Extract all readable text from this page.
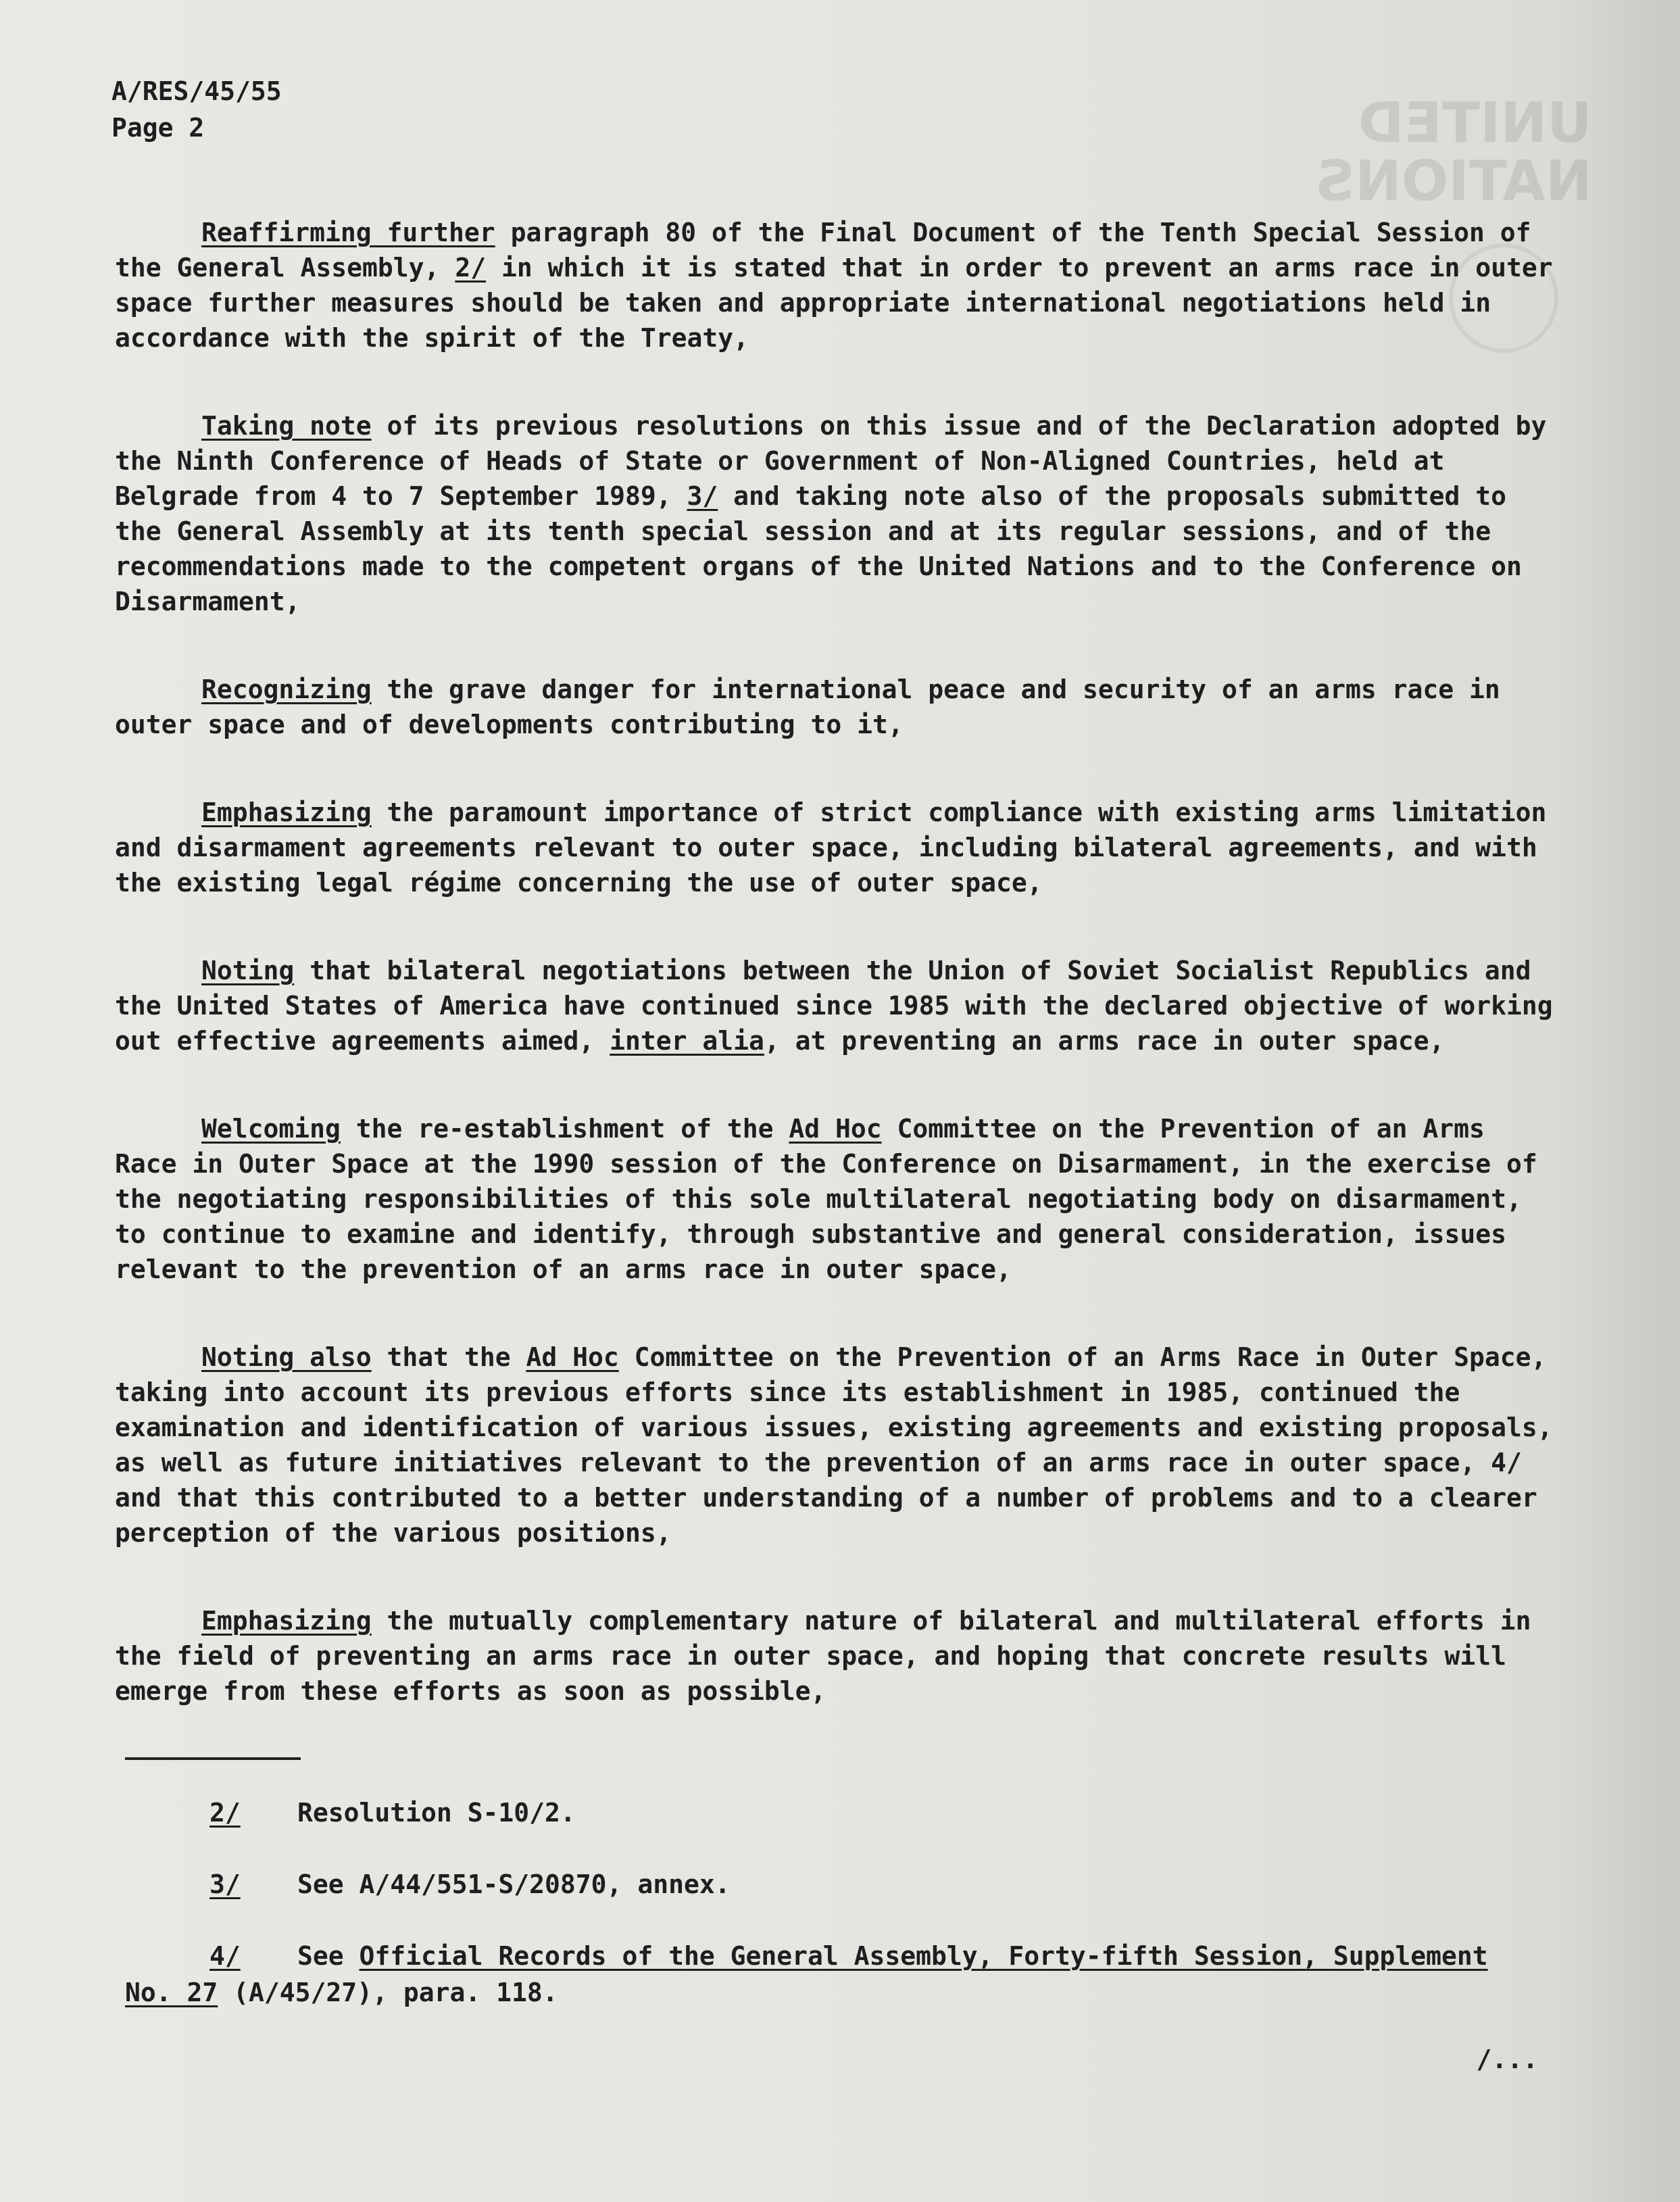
UNITED
NATIONS
A/RES/45/55
Page 2

Reaffirming further paragraph 80 of the Final Document of the Tenth Special Session of the General Assembly, 2/ in which it is stated that in order to prevent an arms race in outer space further measures should be taken and appropriate international negotiations held in accordance with the spirit of the Treaty,

Taking note of its previous resolutions on this issue and of the Declaration adopted by the Ninth Conference of Heads of State or Government of Non-Aligned Countries, held at Belgrade from 4 to 7 September 1989, 3/ and taking note also of the proposals submitted to the General Assembly at its tenth special session and at its regular sessions, and of the recommendations made to the competent organs of the United Nations and to the Conference on Disarmament,

Recognizing the grave danger for international peace and security of an arms race in outer space and of developments contributing to it,

Emphasizing the paramount importance of strict compliance with existing arms limitation and disarmament agreements relevant to outer space, including bilateral agreements, and with the existing legal régime concerning the use of outer space,

Noting that bilateral negotiations between the Union of Soviet Socialist Republics and the United States of America have continued since 1985 with the declared objective of working out effective agreements aimed, inter alia, at preventing an arms race in outer space,

Welcoming the re-establishment of the Ad Hoc Committee on the Prevention of an Arms Race in Outer Space at the 1990 session of the Conference on Disarmament, in the exercise of the negotiating responsibilities of this sole multilateral negotiating body on disarmament, to continue to examine and identify, through substantive and general consideration, issues relevant to the prevention of an arms race in outer space,

Noting also that the Ad Hoc Committee on the Prevention of an Arms Race in Outer Space, taking into account its previous efforts since its establishment in 1985, continued the examination and identification of various issues, existing agreements and existing proposals, as well as future initiatives relevant to the prevention of an arms race in outer space, 4/ and that this contributed to a better understanding of a number of problems and to a clearer perception of the various positions,

Emphasizing the mutually complementary nature of bilateral and multilateral efforts in the field of preventing an arms race in outer space, and hoping that concrete results will emerge from these efforts as soon as possible,

2/ Resolution S-10/2.
3/ See A/44/551-S/20870, annex.
4/ See Official Records of the General Assembly, Forty-fifth Session, Supplement No. 27 (A/45/27), para. 118.
/...
